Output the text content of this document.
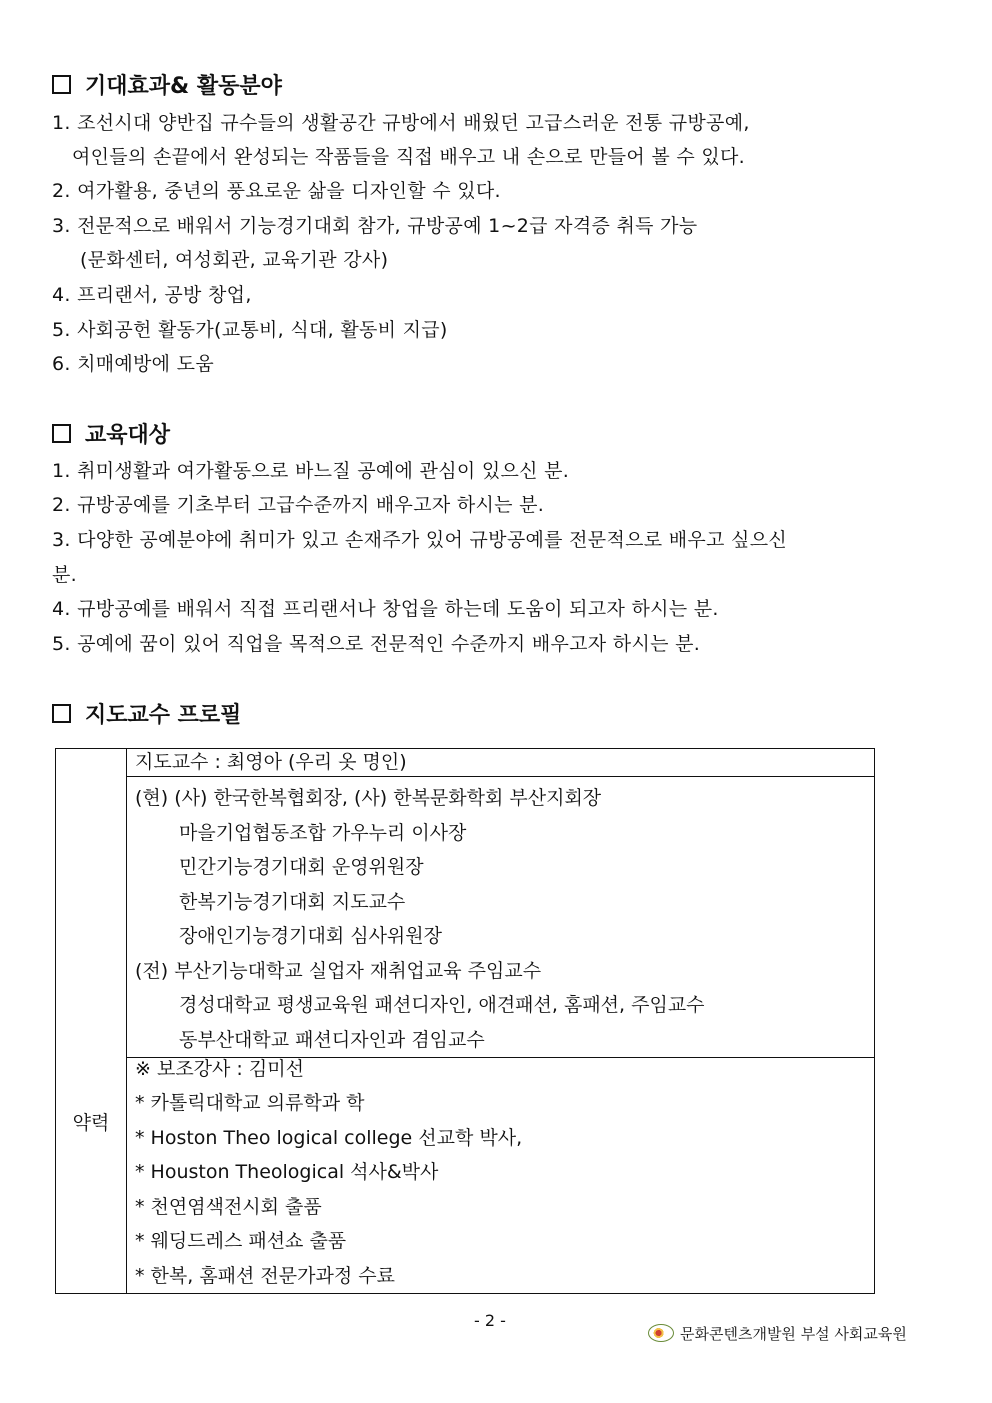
기대효과& 활동분야
1. 조선시대 양반집 규수들의 생활공간 규방에서 배웠던 고급스러운 전통 규방공예,
여인들의 손끝에서 완성되는 작품들을 직접 배우고 내 손으로 만들어 볼 수 있다.
2. 여가활용, 중년의 풍요로운 삶을 디자인할 수 있다.
3. 전문적으로 배워서 기능경기대회 참가, 규방공예 1~2급 자격증 취득 가능
(문화센터, 여성회관, 교육기관 강사)
4. 프리랜서, 공방 창업,
5. 사회공헌 활동가(교통비, 식대, 활동비 지급)
6. 치매예방에 도움
교육대상
1. 취미생활과 여가활동으로 바느질 공예에 관심이 있으신 분.
2. 규방공예를 기초부터 고급수준까지 배우고자 하시는 분.
3. 다양한 공예분야에 취미가 있고 손재주가 있어 규방공예를 전문적으로 배우고 싶으신
분.
4. 규방공예를 배워서 직접 프리랜서나 창업을 하는데 도움이 되고자 하시는 분.
5. 공예에 꿈이 있어 직업을 목적으로 전문적인 수준까지 배우고자 하시는 분.
지도교수 프로필
약력	
지도교수 : 최영아 (우리 옷 명인)

(현) (사) 한국한복협회장, (사) 한복문화학회 부산지회장
마을기업협동조합 가우누리 이사장
민간기능경기대회 운영위원장
한복기능경기대회 지도교수
장애인기능경기대회 심사위원장
(전) 부산기능대학교 실업자 재취업교육 주임교수
경성대학교 평생교육원 패션디자인, 애견패션, 홈패션, 주임교수
동부산대학교 패션디자인과 겸임교수

※ 보조강사 : 김미선
* 카톨릭대학교 의류학과 학
* Hoston Theo logical college 선교학 박사,
* Houston Theological 석사&박사
* 천연염색전시회 출품
* 웨딩드레스 패션쇼 출품
* 한복, 홈패션 전문가과정 수료
- 2 -
문화콘텐츠개발원 부설 사회교육원
